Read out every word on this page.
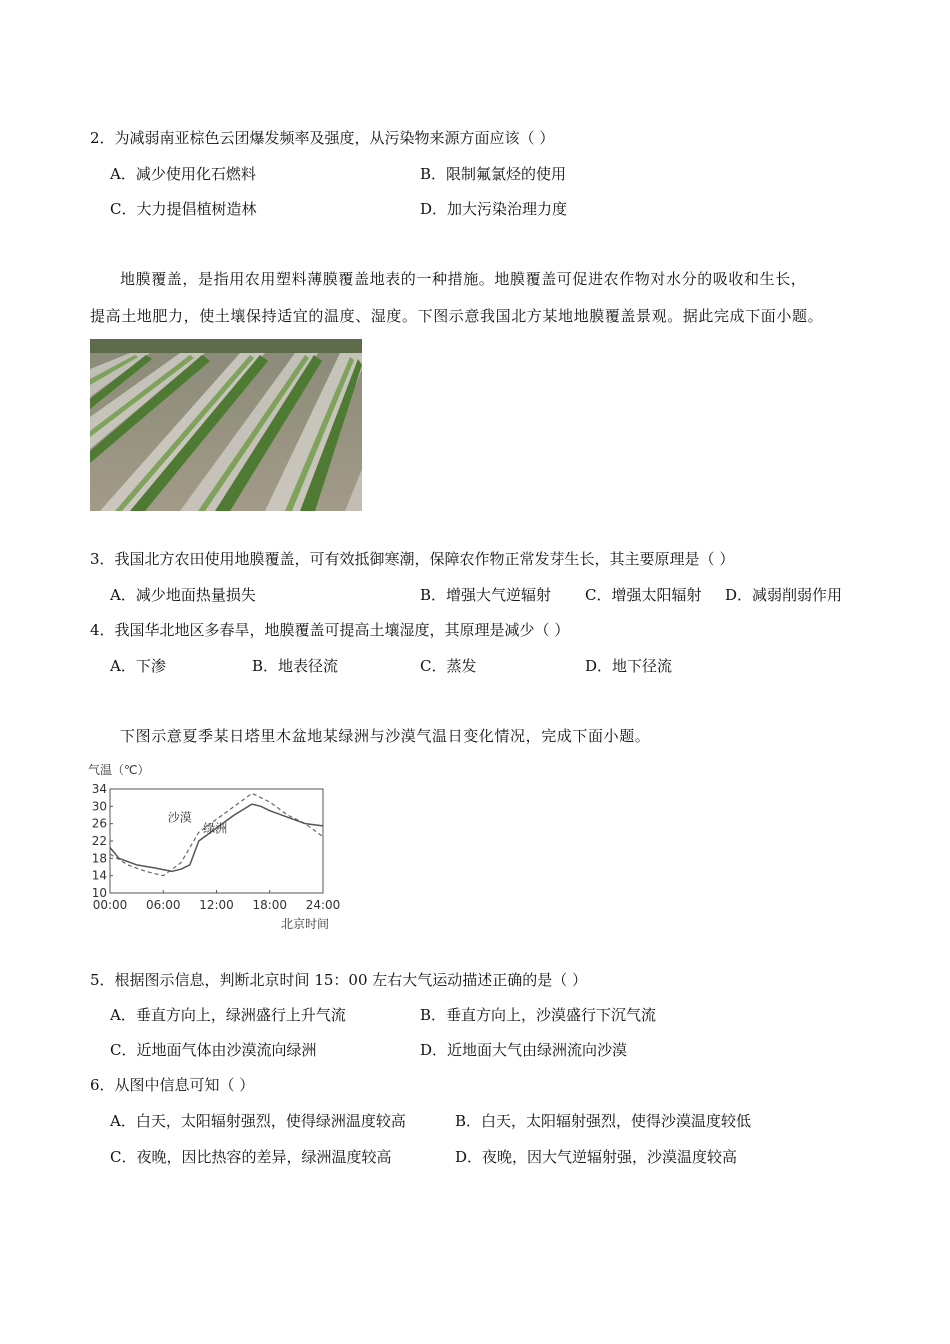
2．为减弱南亚棕色云团爆发频率及强度，从污染物来源方面应该（ ）
A．减少使用化石燃料	B．限制氟氯烃的使用
C．大力提倡植树造林	D．加大污染治理力度
地膜覆盖，是指用农用塑料薄膜覆盖地表的一种措施。地膜覆盖可促进农作物对水分的吸收和生长，
提高土地肥力，使土壤保持适宜的温度、湿度。下图示意我国北方某地地膜覆盖景观。据此完成下面小题。
3．我国北方农田使用地膜覆盖，可有效抵御寒潮，保障农作物正常发芽生长，其主要原理是（ ）
A．减少地面热量损失	B．增强大气逆辐射 C．增强太阳辐射 D．减弱削弱作用
4．我国华北地区多春旱，地膜覆盖可提高土壤湿度，其原理是减少（ ）
A．下渗	B．地表径流	C．蒸发	D．地下径流
下图示意夏季某日塔里木盆地某绿洲与沙漠气温日变化情况，完成下面小题。
气温（℃）
北京时间
10
14
18
22
26
30
34
00:00 06:00 12:00 18:00 24:00
沙漠
绿洲
5．根据图示信息，判断北京时间 15：00 左右大气运动描述正确的是（ ）
A．垂直方向上，绿洲盛行上升气流	B．垂直方向上，沙漠盛行下沉气流
C．近地面气体由沙漠流向绿洲	D．近地面大气由绿洲流向沙漠
6．从图中信息可知（ ）
A．白天，太阳辐射强烈，使得绿洲温度较高	B．白天，太阳辐射强烈，使得沙漠温度较低
C．夜晚，因比热容的差异，绿洲温度较高	D．夜晚，因大气逆辐射强，沙漠温度较高
